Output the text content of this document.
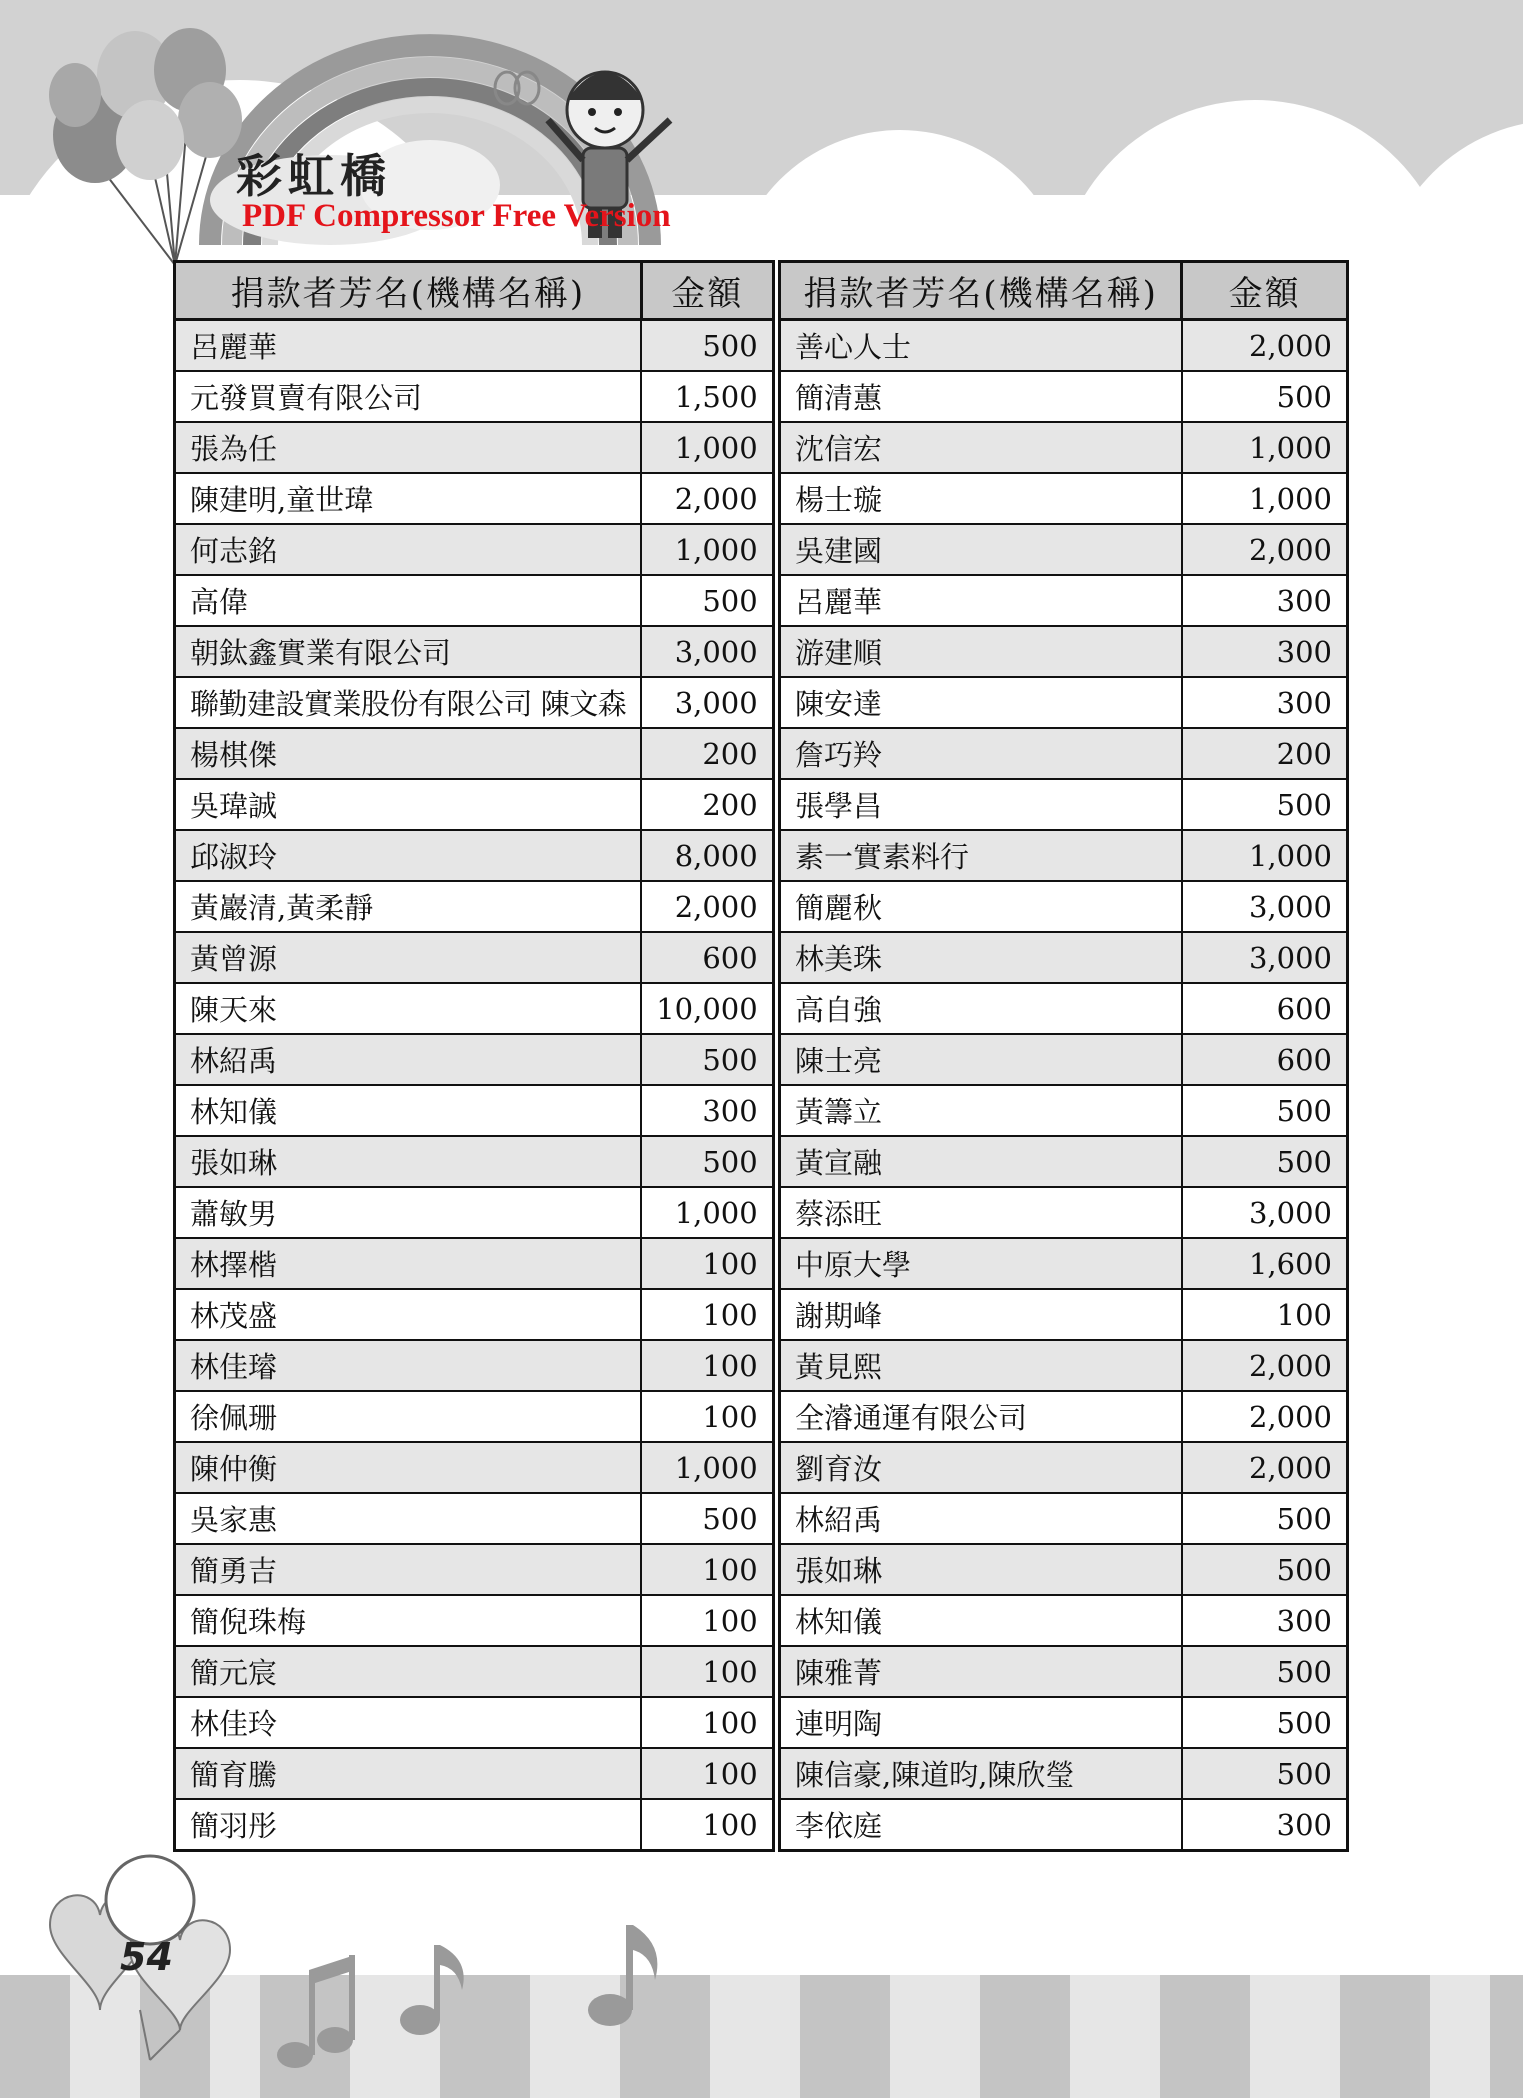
彩虹橋
PDF Compressor Free Version
捐款者芳名(機構名稱)	金額
呂麗華	500
元發買賣有限公司	1,500
張為任	1,000
陳建明,童世瑋	2,000
何志銘	1,000
高偉	500
朝鈦鑫實業有限公司	3,000
聯勤建設實業股份有限公司 陳文森	3,000
楊棋傑	200
吳瑋誠	200
邱淑玲	8,000
黃巖清,黃柔靜	2,000
黃曾源	600
陳天來	10,000
林紹禹	500
林知儀	300
張如琳	500
蕭敏男	1,000
林擇楷	100
林茂盛	100
林佳璿	100
徐佩珊	100
陳仲衡	1,000
吳家惠	500
簡勇吉	100
簡倪珠梅	100
簡元宸	100
林佳玲	100
簡育騰	100
簡羽彤	100
捐款者芳名(機構名稱)	金額
善心人士	2,000
簡清蕙	500
沈信宏	1,000
楊士璇	1,000
吳建國	2,000
呂麗華	300
游建順	300
陳安達	300
詹巧羚	200
張學昌	500
素一實素料行	1,000
簡麗秋	3,000
林美珠	3,000
高自強	600
陳士亮	600
黃籌立	500
黃宣融	500
蔡添旺	3,000
中原大學	1,600
謝期峰	100
黃見熙	2,000
全濬通運有限公司	2,000
劉育汝	2,000
林紹禹	500
張如琳	500
林知儀	300
陳雅菁	500
連明陶	500
陳信豪,陳道昀,陳欣瑩	500
李依庭	300
54
